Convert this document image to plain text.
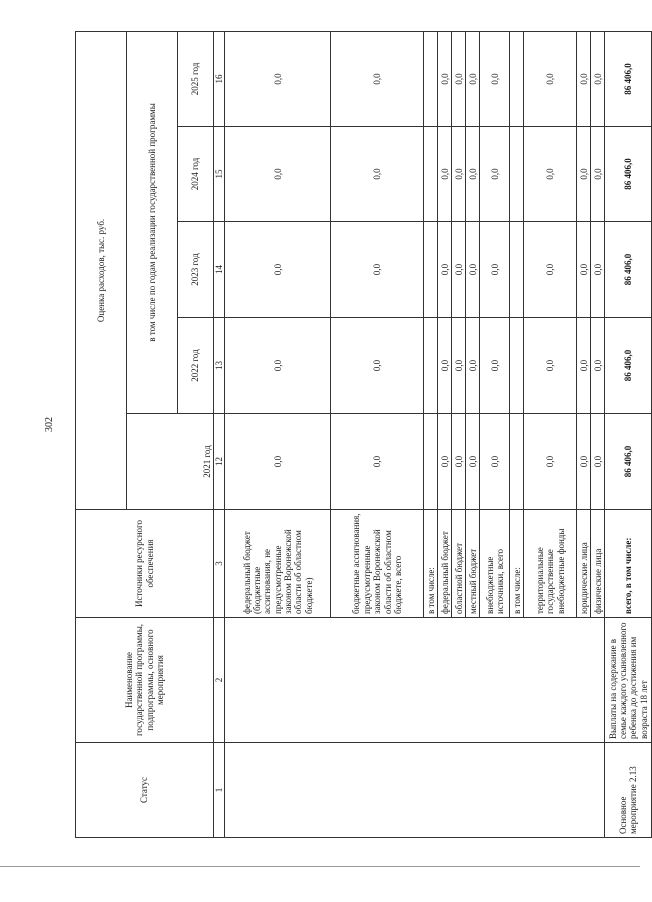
302
Статус	Наименование государственной программы, подпрограммы, основного мероприятия	Источники ресурсного обеспечения	Оценка расходов, тыс. руб.				
			2021 год	в том числе по годам реализации государственной программы			
				2022 год	2023 год	2024 год	2025 год
1	2	3	12	13	14	15	16
		федеральный бюджет (бюджетные ассигнования, не предусмотренные законом Воронежской области об областном бюджете)	0,0	0,0	0,0	0,0	0,0
		бюджетные ассигнования, предусмотренные законом Воронежской области об областном бюджете, всего	0,0	0,0	0,0	0,0	0,0
		в том числе:					
		федеральный бюджет	0,0	0,0	0,0	0,0	0,0
		областной бюджет	0,0	0,0	0,0	0,0	0,0
		местный бюджет	0,0	0,0	0,0	0,0	0,0
		внебюджетные источники, всего	0,0	0,0	0,0	0,0	0,0
		в том числе:					
		территориальные государственные внебюджетные фонды	0,0	0,0	0,0	0,0	0,0
		юридические лица	0,0	0,0	0,0	0,0	0,0
		физические лица	0,0	0,0	0,0	0,0	0,0
Основное мероприятие 2.13	Выплаты на содержание в семье каждого усыновленного ребенка до достижения им возраста 18 лет	всего, в том числе:	86 406,0	86 406,0	86 406,0	86 406,0	86 406,0
